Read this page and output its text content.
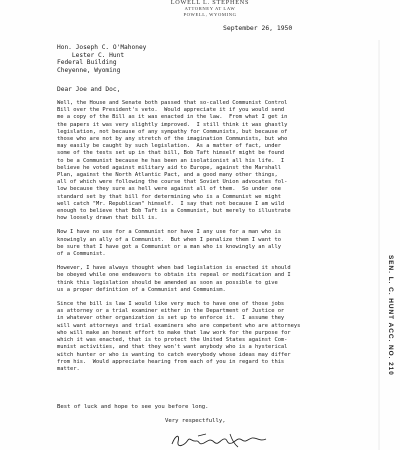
LOWELL L. STEPHENS
ATTORNEY AT LAW
POWELL, WYOMING
September 26, 1950
Hon. Joseph C. O'Mahoney
Lester C. Hunt
Federal Building
Cheyenne, Wyoming
Dear Joe and Doc,
Well, the House and Senate both passed that so-called Communist Control
Bill over the President's veto.  Would appreciate it if you would send
me a copy of the Bill as it was enacted in the law.  From what I get in
the papers it was very slightly improved.  I still think it was ghastly
legislation, not because of any sympathy for Communists, but because of
those who are not by any stretch of the imagination Communists, but who
may easily be caught by such legislation.  As a matter of fact, under
some of the tests set up in that bill, Bob Taft himself might be found
to be a Communist because he has been an isolationist all his life.  I
believe he voted against military aid to Europe, against the Marshall
Plan, against the North Atlantic Pact, and a good many other things,
all of which were following the course that Soviet Union advocates fol-
low because they sure as hell were against all of them.  So under one
standard set by that bill for determining who is a Communist we might
well catch "Mr. Republican" himself.  I say that not because I am wild
enough to believe that Bob Taft is a Communist, but merely to illustrate
how loosely drawn that bill is.
Now I have no use for a Communist nor have I any use for a man who is
knowingly an ally of a Communist.  But when I penalize them I want to
be sure that I have got a Communist or a man who is knowingly an ally
of a Communist.
However, I have always thought when bad legislation is enacted it should
be obeyed while one endeavors to obtain its repeal or modification and I
think this legislation should be amended as soon as possible to give
us a proper definition of a Communist and Communism.
Since the bill is law I would like very much to have one of those jobs
as attorney or a trial examiner either in the Department of Justice or
in whatever other organization is set up to enforce it.  I assume they
will want attorneys and trial examiners who are competent who are attorneys
who will make an honest effort to make that law work for the purpose for
which it was enacted, that is to protect the United States against Com-
munist activities, and that they won't want anybody who is a hysterical
witch hunter or who is wanting to catch everybody whose ideas may differ
from his.  Would appreciate hearing from each of you in regard to this
matter.
Best of luck and hope to see you before long.
Very respectfully,
SEN. L. C. HUNT ACC. NO. 210
